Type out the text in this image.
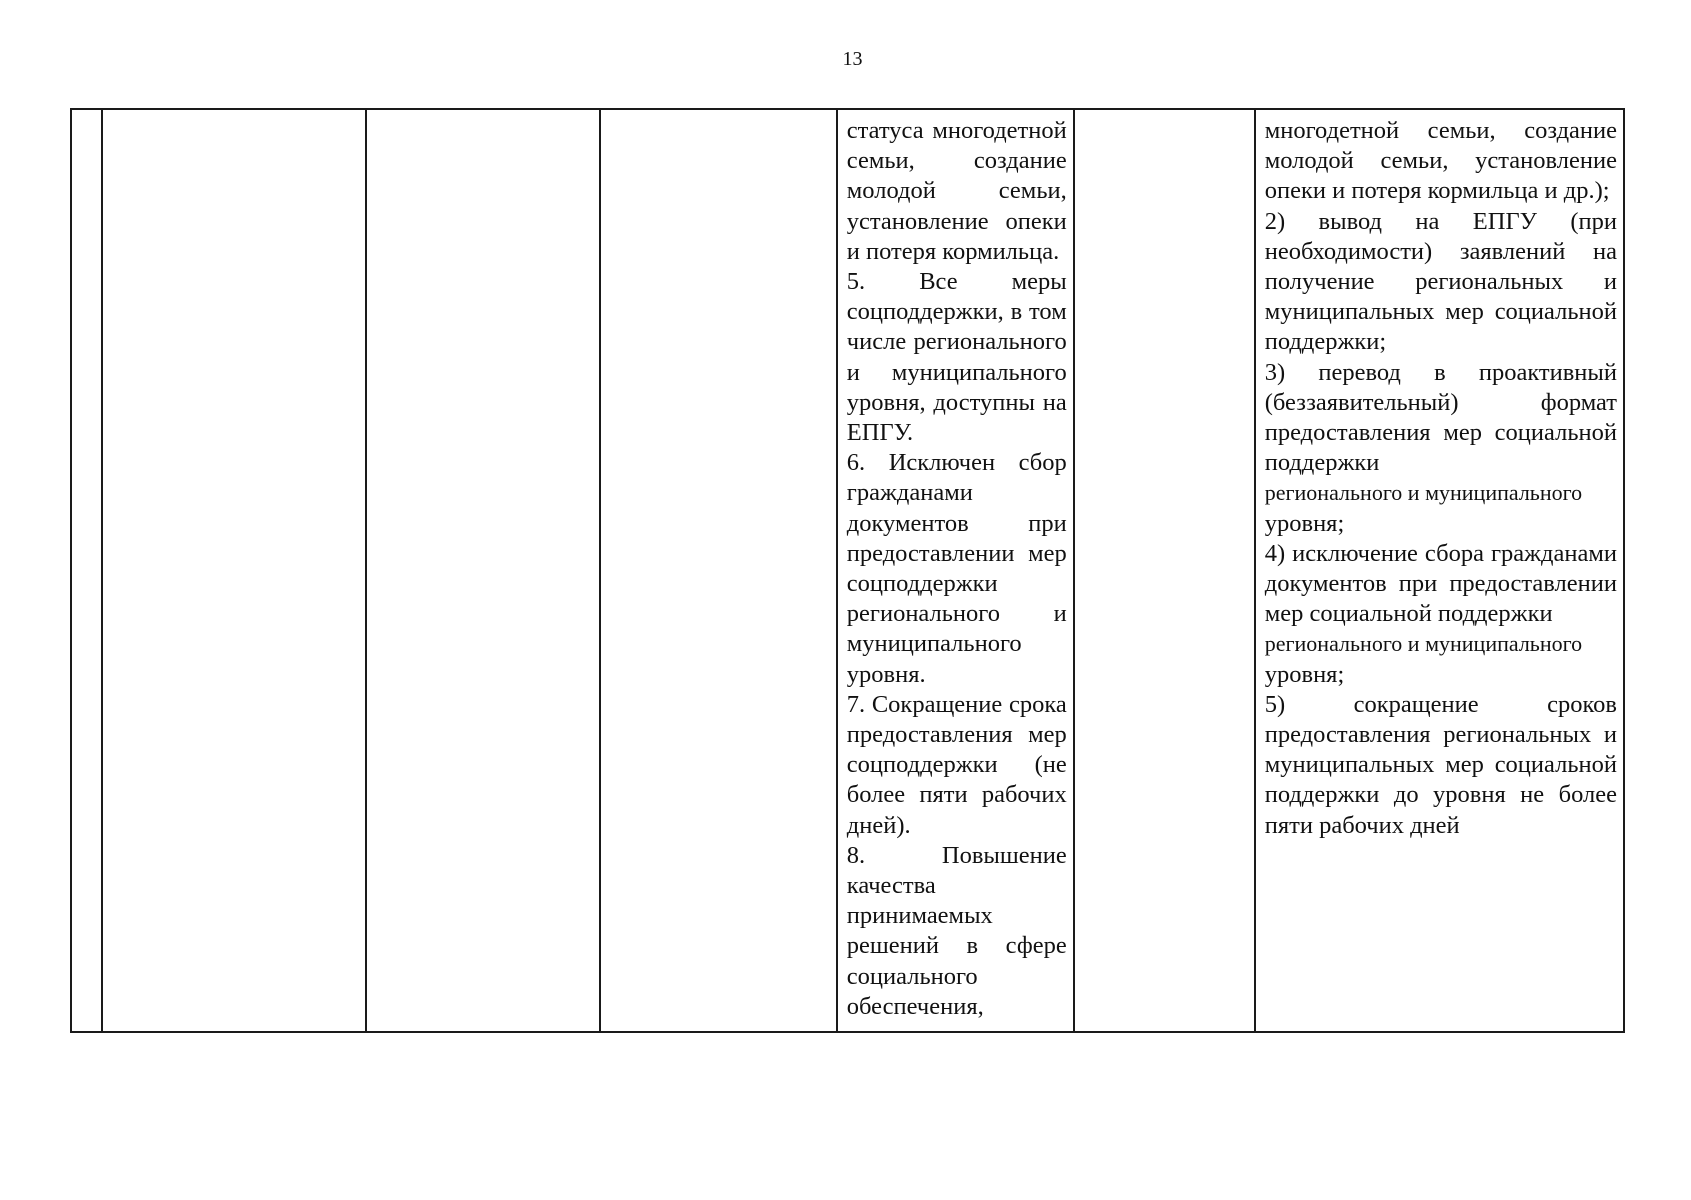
13

статуса многодетной семьи, создание молодой семьи, установление опеки и потеря кормильца.
5. Все меры соцподдержки, в том числе регионального и муниципального уровня, доступны на ЕПГУ.
6. Исключен сбор гражданами документов при предоставлении мер соцподдержки регионального и муниципального уровня.
7. Сокращение срока предоставления мер соцподдержки (не более пяти рабочих дней).
8. Повышение качества принимаемых решений в сфере социального обеспечения,

многодетной семьи, создание молодой семьи, установление опеки и потеря кормильца и др.);
2) вывод на ЕПГУ (при необходимости) заявлений на получение региональных и муниципальных мер социальной поддержки;
3) перевод в проактивный (беззаявительный) формат предоставления мер социальной поддержки
регионального и муниципального
уровня;
4) исключение сбора гражданами документов при предоставлении мер социальной поддержки
регионального и муниципального
уровня;
5) сокращение сроков предоставления региональных и муниципальных мер социальной поддержки до уровня не более пяти рабочих дней
